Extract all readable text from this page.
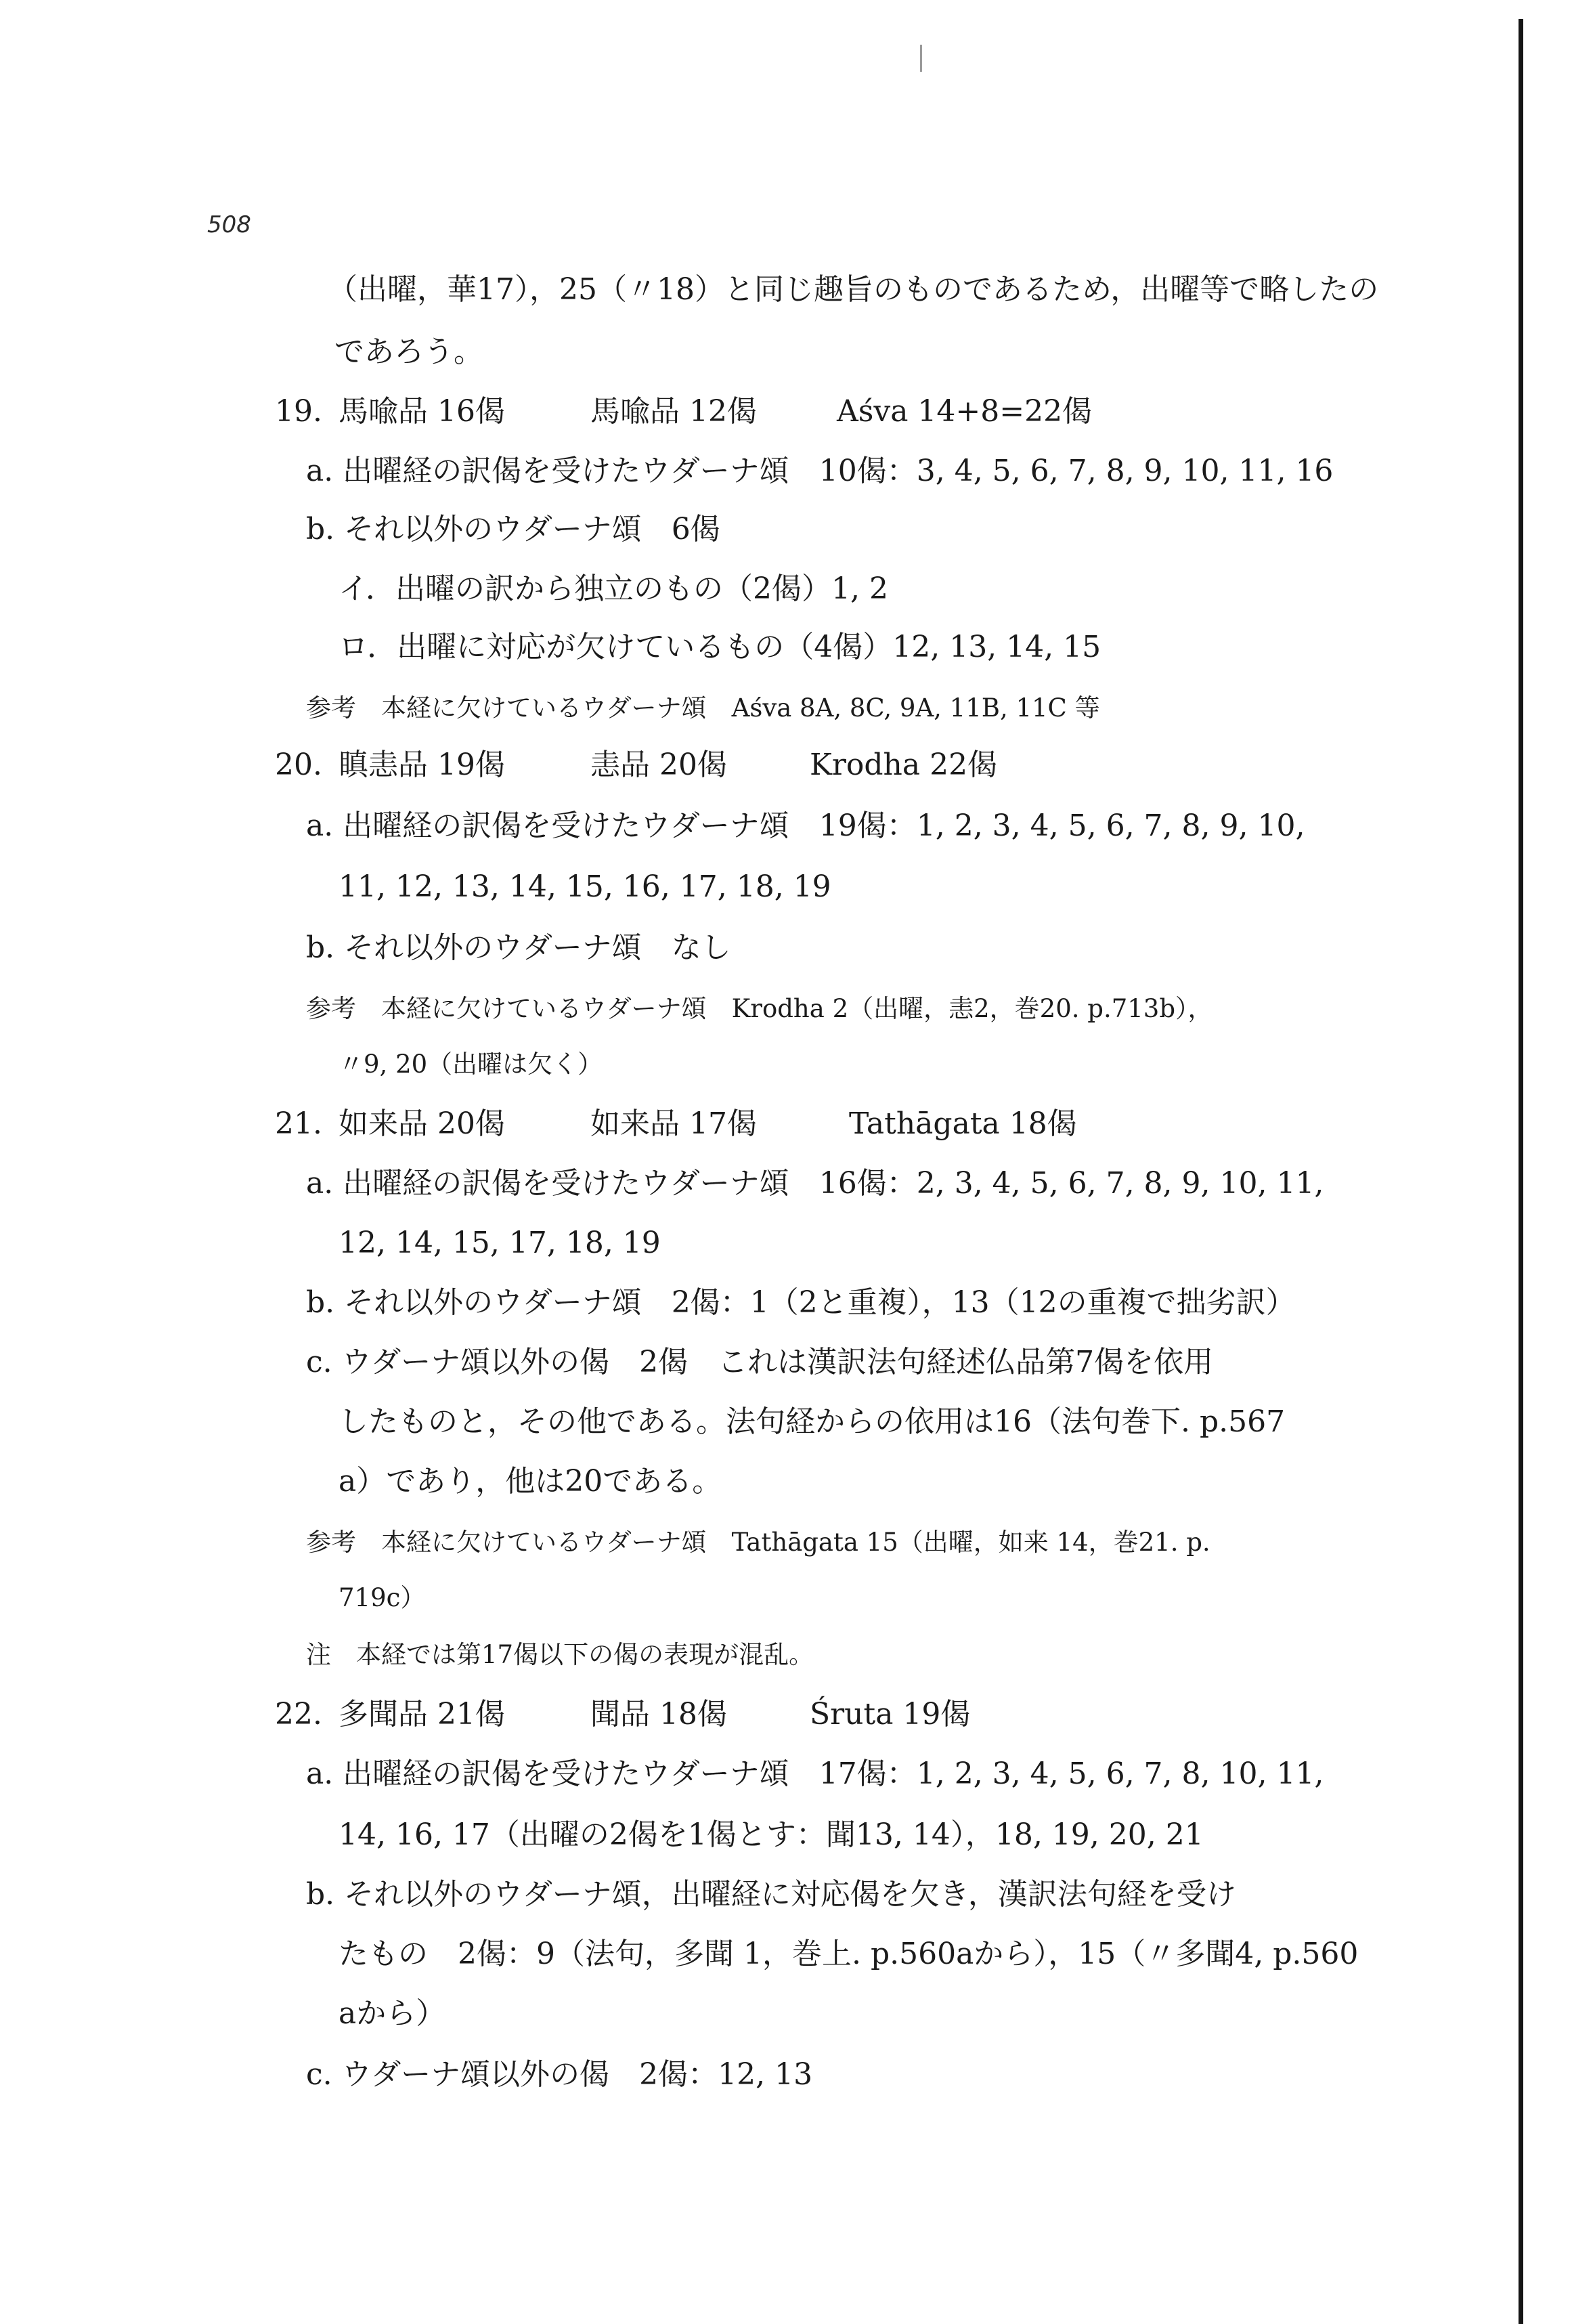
508
（出曜，華17），25（〃18）と同じ趣旨のものであるため，出曜等で略したの
であろう。
19. 馬喩品 16偈	馬喩品 12偈	Aśva 14+8=22偈
a. 出曜経の訳偈を受けたウダーナ頌　10偈：3, 4, 5, 6, 7, 8, 9, 10, 11, 16
b. それ以外のウダーナ頌　6偈
イ．出曜の訳から独立のもの（2偈）1, 2
ロ．出曜に対応が欠けているもの（4偈）12, 13, 14, 15
参考　本経に欠けているウダーナ頌　Aśva 8A, 8C, 9A, 11B, 11C 等
20. 瞋恚品 19偈	恚品 20偈	Krodha 22偈
a. 出曜経の訳偈を受けたウダーナ頌　19偈：1, 2, 3, 4, 5, 6, 7, 8, 9, 10,
11, 12, 13, 14, 15, 16, 17, 18, 19
b. それ以外のウダーナ頌　なし
参考　本経に欠けているウダーナ頌　Krodha 2（出曜，恚2，巻20. p.713b），
〃9, 20（出曜は欠く）
21. 如来品 20偈	如来品 17偈	Tathāgata 18偈
a. 出曜経の訳偈を受けたウダーナ頌　16偈：2, 3, 4, 5, 6, 7, 8, 9, 10, 11,
12, 14, 15, 17, 18, 19
b. それ以外のウダーナ頌　2偈：1（2と重複），13（12の重複で拙劣訳）
c. ウダーナ頌以外の偈　2偈　これは漢訳法句経述仏品第7偈を依用
したものと，その他である。法句経からの依用は16（法句巻下. p.567
a）であり，他は20である。
参考　本経に欠けているウダーナ頌　Tathāgata 15（出曜，如来 14，巻21. p.
719c）
注　本経では第17偈以下の偈の表現が混乱。
22. 多聞品 21偈	聞品 18偈	Śruta 19偈
a. 出曜経の訳偈を受けたウダーナ頌　17偈：1, 2, 3, 4, 5, 6, 7, 8, 10, 11,
14, 16, 17（出曜の2偈を1偈とす：聞13, 14），18, 19, 20, 21
b. それ以外のウダーナ頌，出曜経に対応偈を欠き，漢訳法句経を受け
たもの　2偈：9（法句，多聞 1，巻上. p.560aから），15（〃多聞4, p.560
aから）
c. ウダーナ頌以外の偈　2偈：12, 13
